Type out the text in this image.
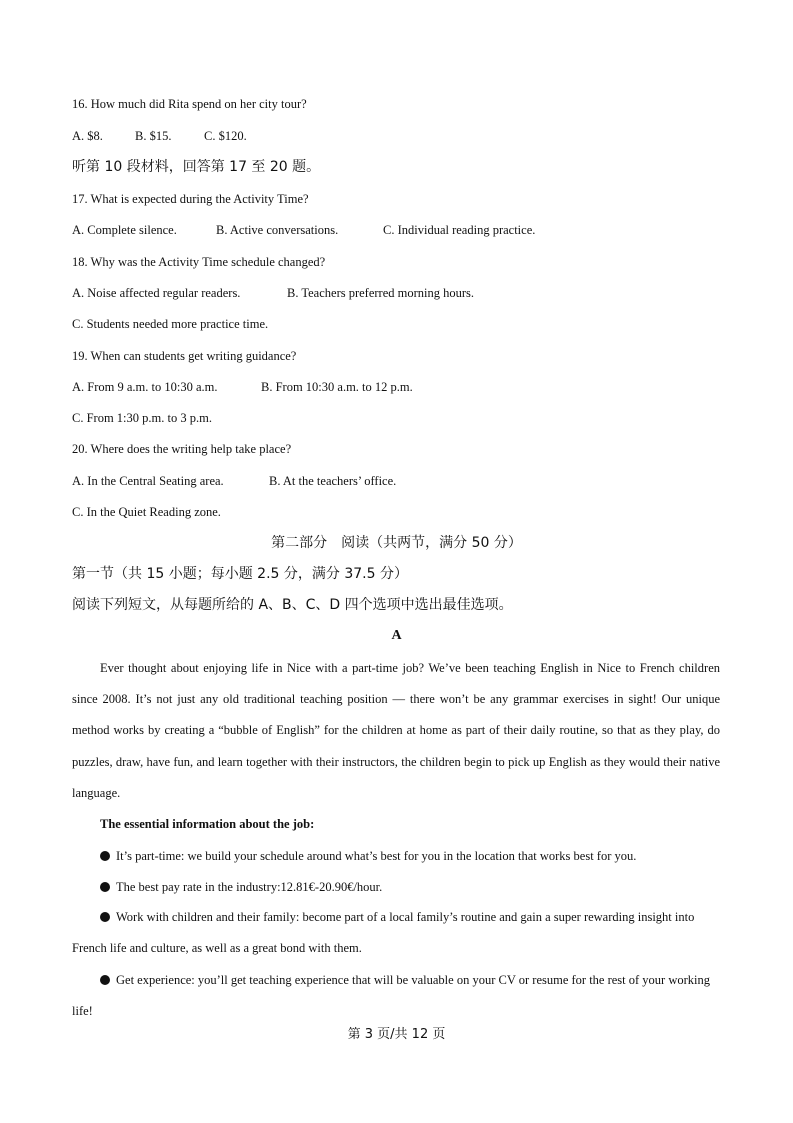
16. How much did Rita spend on her city tour?
A. $8.	B. $15.	C. $120.
听第 10 段材料，回答第 17 至 20 题。
17. What is expected during the Activity Time?
A. Complete silence.	B. Active conversations.	C. Individual reading practice.
18. Why was the Activity Time schedule changed?
A. Noise affected regular readers.	B. Teachers preferred morning hours.
C. Students needed more practice time.
19. When can students get writing guidance?
A. From 9 a.m. to 10:30 a.m.	B. From 10:30 a.m. to 12 p.m.
C. From 1:30 p.m. to 3 p.m.
20. Where does the writing help take place?
A. In the Central Seating area.	B. At the teachers’ office.
C. In the Quiet Reading zone.
第二部分　阅读（共两节，满分 50 分）
第一节（共 15 小题；每小题 2.5 分，满分 37.5 分）
阅读下列短文，从每题所给的 A、B、C、D 四个选项中选出最佳选项。
A
Ever thought about enjoying life in Nice with a part-time job? We’ve been teaching English in Nice to French children since 2008. It’s not just any old traditional teaching position — there won’t be any grammar exercises in sight! Our unique method works by creating a “bubble of English” for the children at home as part of their daily routine, so that as they play, do puzzles, draw, have fun, and learn together with their instructors, the children begin to pick up English as they would their native language.
The essential information about the job:
It’s part-time: we build your schedule around what’s best for you in the location that works best for you.
The best pay rate in the industry:12.81€-20.90€/hour.
Work with children and their family: become part of a local family’s routine and gain a super rewarding insight into French life and culture, as well as a great bond with them.
Get experience: you’ll get teaching experience that will be valuable on your CV or resume for the rest of your working life!
第 3 页/共 12 页
